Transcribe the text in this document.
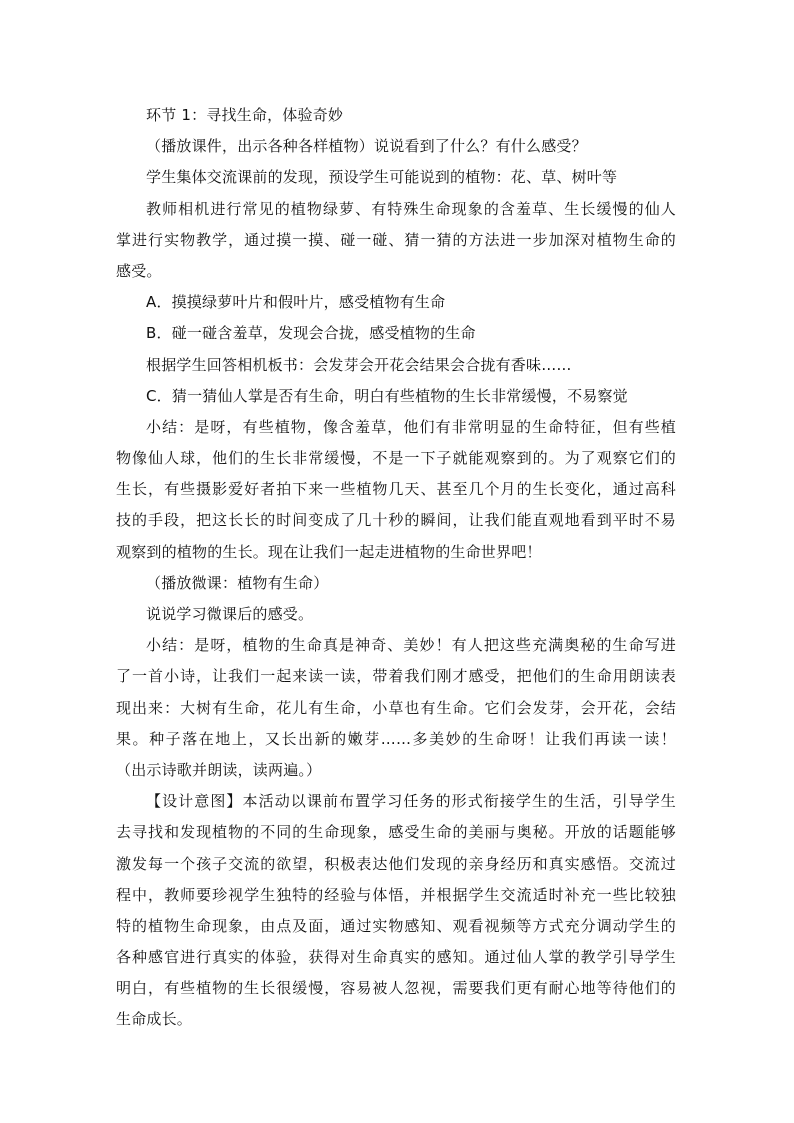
环节 1：寻找生命，体验奇妙
（播放课件，出示各种各样植物）说说看到了什么？有什么感受？
学生集体交流课前的发现，预设学生可能说到的植物：花、草、树叶等
教师相机进行常见的植物绿萝、有特殊生命现象的含羞草、生长缓慢的仙人
掌进行实物教学，通过摸一摸、碰一碰、猜一猜的方法进一步加深对植物生命的
感受。
A．摸摸绿萝叶片和假叶片，感受植物有生命
B．碰一碰含羞草，发现会合拢，感受植物的生命
根据学生回答相机板书：会发芽会开花会结果会合拢有香味……
C．猜一猜仙人掌是否有生命，明白有些植物的生长非常缓慢，不易察觉
小结：是呀，有些植物，像含羞草，他们有非常明显的生命特征，但有些植
物像仙人球，他们的生长非常缓慢，不是一下子就能观察到的。为了观察它们的
生长，有些摄影爱好者拍下来一些植物几天、甚至几个月的生长变化，通过高科
技的手段，把这长长的时间变成了几十秒的瞬间，让我们能直观地看到平时不易
观察到的植物的生长。现在让我们一起走进植物的生命世界吧！
（播放微课：植物有生命）
说说学习微课后的感受。
小结：是呀，植物的生命真是神奇、美妙！有人把这些充满奥秘的生命写进
了一首小诗，让我们一起来读一读，带着我们刚才感受，把他们的生命用朗读表
现出来：大树有生命，花儿有生命，小草也有生命。它们会发芽，会开花，会结
果。种子落在地上，又长出新的嫩芽……多美妙的生命呀！让我们再读一读！
（出示诗歌并朗读，读两遍。）
【设计意图】本活动以课前布置学习任务的形式衔接学生的生活，引导学生
去寻找和发现植物的不同的生命现象，感受生命的美丽与奥秘。开放的话题能够
激发每一个孩子交流的欲望，积极表达他们发现的亲身经历和真实感悟。交流过
程中，教师要珍视学生独特的经验与体悟，并根据学生交流适时补充一些比较独
特的植物生命现象，由点及面，通过实物感知、观看视频等方式充分调动学生的
各种感官进行真实的体验，获得对生命真实的感知。通过仙人掌的教学引导学生
明白，有些植物的生长很缓慢，容易被人忽视，需要我们更有耐心地等待他们的
生命成长。
